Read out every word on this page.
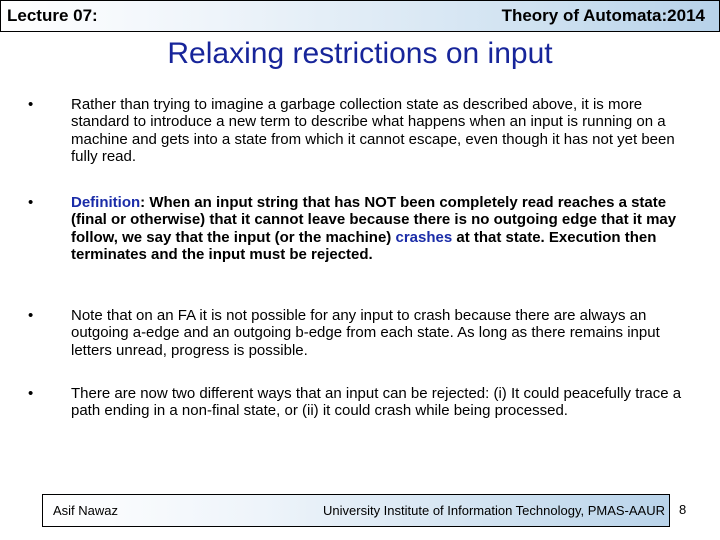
Lecture 07:	Theory of Automata:2014
Relaxing restrictions on input
•	Rather than trying to imagine a garbage collection state as described above, it is more standard to introduce a new term to describe what happens when an input is running on a machine and gets into a state from which it cannot escape, even though it has not yet been fully read.
•	Definition: When an input string that has NOT been completely read reaches a state (final or otherwise) that it cannot leave because there is no outgoing edge that it may follow, we say that the input (or the machine) crashes at that state. Execution then terminates and the input must be rejected.
•	Note that on an FA it is not possible for any input to crash because there are always an outgoing a-edge and an outgoing b-edge from each state. As long as there remains input letters unread, progress is possible.
•	There are now two different ways that an input can be rejected: (i) It could peacefully trace a path ending in a non-final state, or (ii) it could crash while being processed.
Asif Nawaz	University Institute of Information Technology, PMAS-AAUR 8
